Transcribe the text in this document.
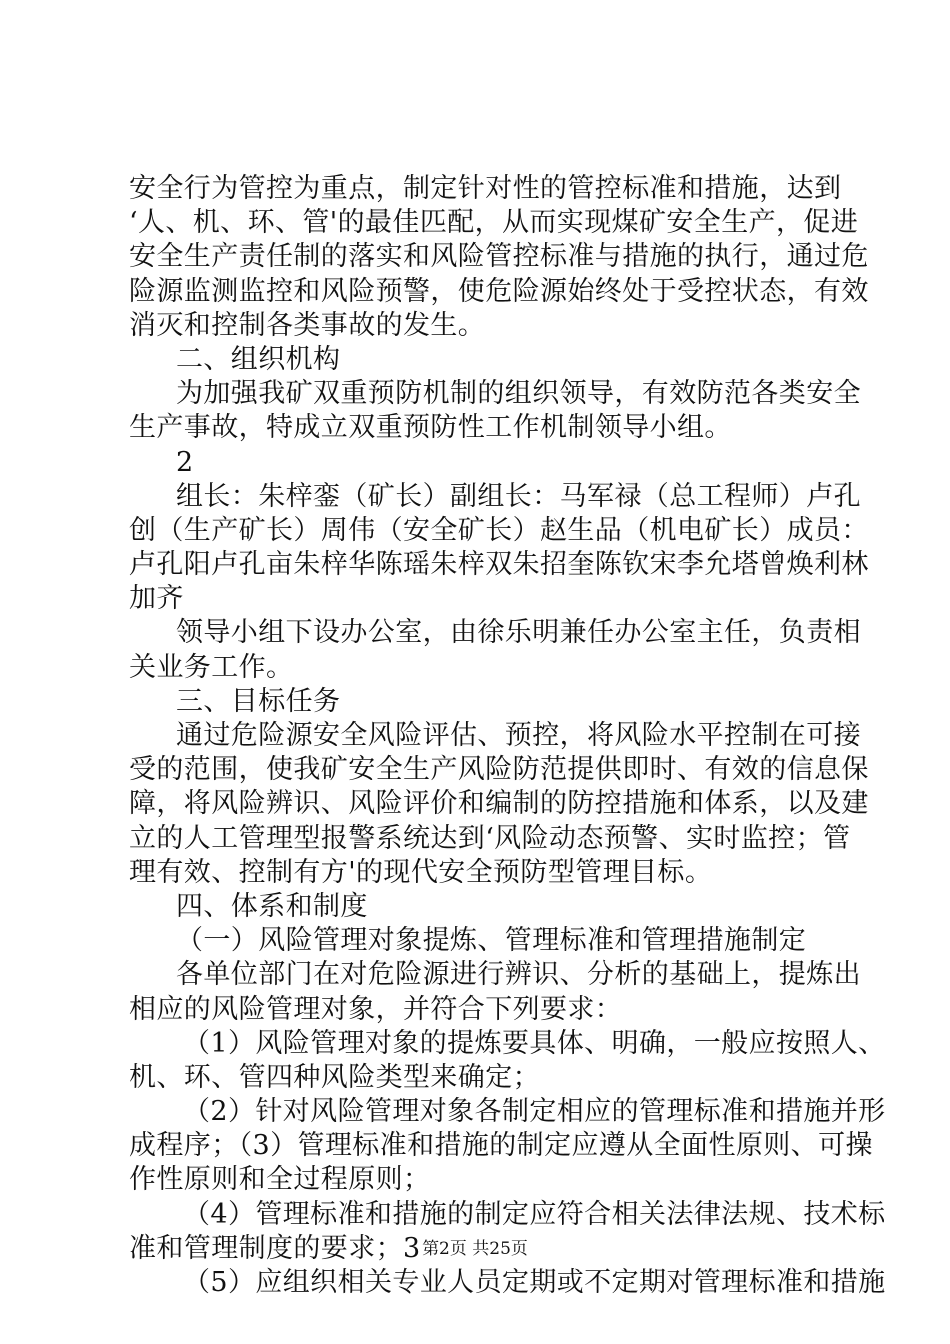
安全行为管控为重点，制定针对性的管控标准和措施，达到
‘人、机、环、管'的最佳匹配，从而实现煤矿安全生产，促进
安全生产责任制的落实和风险管控标准与措施的执行，通过危
险源监测监控和风险预警，使危险源始终处于受控状态，有效
消灭和控制各类事故的发生。
二、组织机构
为加强我矿双重预防机制的组织领导，有效防范各类安全
生产事故，特成立双重预防性工作机制领导小组。
2
组长：朱梓銮（矿长）副组长：马军禄（总工程师）卢孔
创（生产矿长）周伟（安全矿长）赵生品（机电矿长）成员：
卢孔阳卢孔亩朱梓华陈瑶朱梓双朱招奎陈钦宋李允塔曾焕利林
加齐
领导小组下设办公室，由徐乐明兼任办公室主任，负责相
关业务工作。
三、目标任务
通过危险源安全风险评估、预控，将风险水平控制在可接
受的范围，使我矿安全生产风险防范提供即时、有效的信息保
障，将风险辨识、风险评价和编制的防控措施和体系，以及建
立的人工管理型报警系统达到‘风险动态预警、实时监控；管
理有效、控制有方'的现代安全预防型管理目标。
四、体系和制度
（一）风险管理对象提炼、管理标准和管理措施制定
各单位部门在对危险源进行辨识、分析的基础上，提炼出
相应的风险管理对象，并符合下列要求：
（1）风险管理对象的提炼要具体、明确，一般应按照人、
机、环、管四种风险类型来确定；
（2）针对风险管理对象各制定相应的管理标准和措施并形
成程序；（3）管理标准和措施的制定应遵从全面性原则、可操
作性原则和全过程原则；
（4）管理标准和措施的制定应符合相关法律法规、技术标
准和管理制度的要求；3
（5）应组织相关专业人员定期或不定期对管理标准和措施
第2页 共25页
